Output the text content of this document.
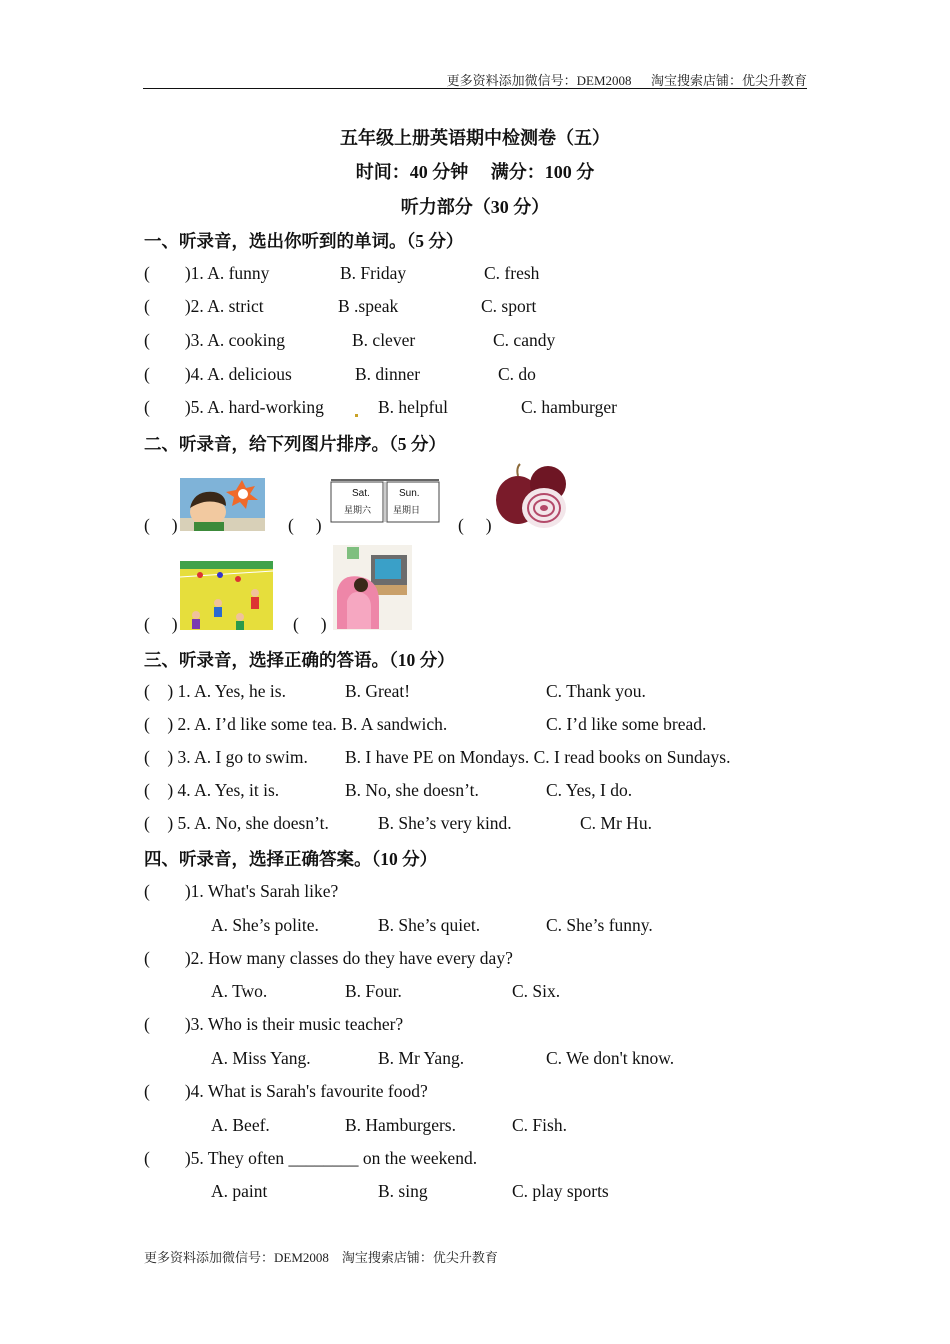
更多资料添加微信号：DEM2008      淘宝搜索店铺：优尖升教育
五年级上册英语期中检测卷（五）
时间：40 分钟     满分：100 分
听力部分（30 分）
一、听录音，选出你听到的单词。（5 分）
(        )1. A. funny	B. Friday	C. fresh
(        )2. A. strict	B .speak	C. sport
(        )3. A. cooking	B. clever	C. candy
(        )4. A. delicious	B. dinner	C. do
(        )5. A. hard-working	B. helpful	C. hamburger
二、听录音，给下列图片排序。（5 分）
(     )	(     )
Sat.
星期六
Sun.
星期日
(     )
(     )	(     )
三、听录音，选择正确的答语。（10 分）
(    ) 1. A. Yes, he is.	B. Great!	C. Thank you.
(    ) 2. A. I’d like some tea. B. A sandwich.	C. I’d like some bread.
(    ) 3. A. I go to swim. B. I have PE on Mondays. C. I read books on Sundays.
(    ) 4. A. Yes, it is.	B. No, she doesn’t.	C. Yes, I do.
(    ) 5. A. No, she doesn’t.	B. She’s very kind.	C. Mr Hu.
四、听录音，选择正确答案。（10 分）
(        )1. What's Sarah like?
A. She’s polite.	B. She’s quiet.	C. She’s funny.
(        )2. How many classes do they have every day?
A. Two.	B. Four.	C. Six.
(        )3. Who is their music teacher?
A. Miss Yang.	B. Mr Yang.	C. We don't know.
(        )4. What is Sarah's favourite food?
A. Beef.	B. Hamburgers.	C. Fish.
(        )5. They often ________ on the weekend.
A. paint	B. sing	C. play sports
更多资料添加微信号：DEM2008    淘宝搜索店铺：优尖升教育
